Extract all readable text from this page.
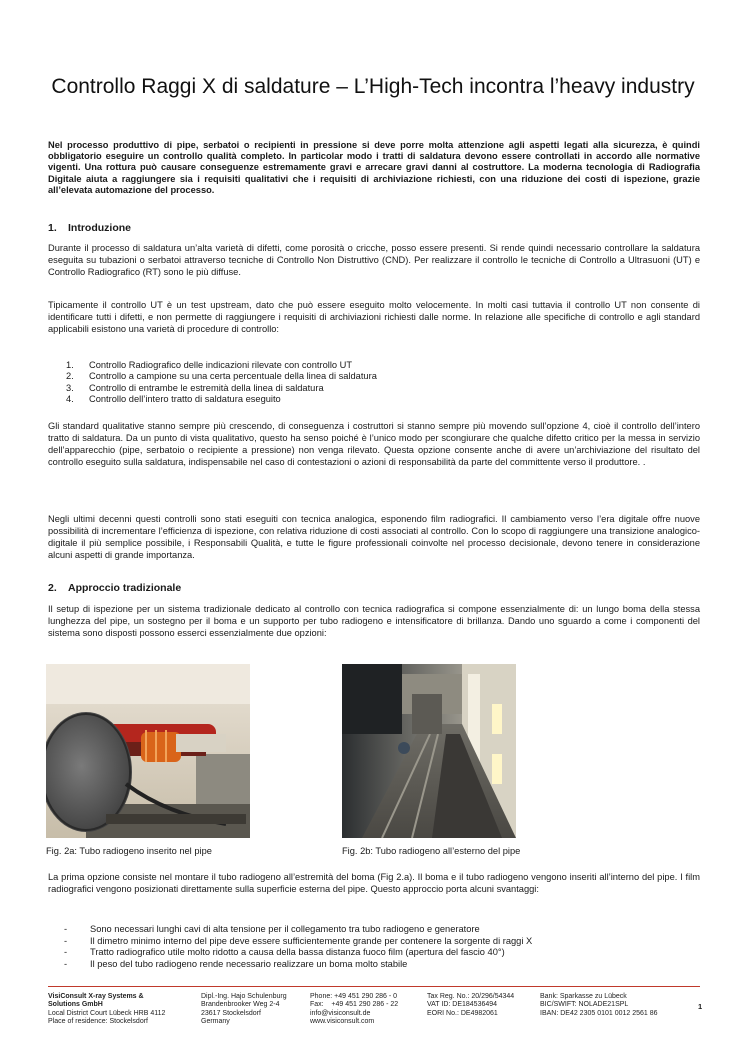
Controllo Raggi X di saldature – L’High-Tech incontra l’heavy industry
Nel processo produttivo di pipe, serbatoi o recipienti in pressione si deve porre molta attenzione agli aspetti legati alla sicurezza, è quindi obbligatorio eseguire un controllo qualità completo. In particolar modo i tratti di saldatura devono essere controllati in accordo alle normative vigenti. Una rottura può causare conseguenze estremamente gravi e arrecare gravi danni al costruttore. La moderna tecnologia di Radiografia Digitale aiuta a raggiungere sia i requisiti qualitativi che i requisiti di archiviazione richiesti, con una riduzione dei costi di ispezione, grazie all’elevata automazione del processo.
1. Introduzione

Durante il processo di saldatura un’alta varietà di difetti, come porosità o cricche, posso essere presenti. Si rende quindi necessario controllare la saldatura eseguita su tubazioni o serbatoi attraverso tecniche di Controllo Non Distruttivo (CND). Per realizzare il controllo le tecniche di Controllo a Ultrasuoni (UT) e Controllo Radiografico (RT) sono le più diffuse.

Tipicamente il controllo UT è un test upstream, dato che può essere eseguito molto velocemente. In molti casi tuttavia il controllo UT non consente di identificare tutti i difetti, e non permette di raggiungere i requisiti di archiviazioni richiesti dalle norme. In relazione alle specifiche di controllo e agli standard applicabili esistono una varietà di procedure di controllo:

1.	Controllo Radiografico delle indicazioni rilevate con controllo UT
2.	Controllo a campione su una certa percentuale della linea di saldatura
3.	Controllo di entrambe le estremità della linea di saldatura
4.	Controllo dell’intero tratto di saldatura eseguito

Gli standard qualitative stanno sempre più crescendo, di conseguenza i costruttori si stanno sempre più movendo sull’opzione 4, cioè il controllo dell’intero tratto di saldatura. Da un punto di vista qualitativo, questo ha senso poiché è l’unico modo per scongiurare che qualche difetto critico per la messa in servizio dell’apparecchio (pipe, serbatoio o recipiente a pressione) non venga rilevato. Questa opzione consente anche di avere un’archiviazione del risultato del controllo eseguito sulla saldatura, indispensabile nel caso di contestazioni o azioni di responsabilità da parte del committente verso il produttore. .

Negli ultimi decenni questi controlli sono stati eseguiti con tecnica analogica, esponendo film radiografici. Il cambiamento verso l’era digitale offre nuove possibilità di incrementare l’efficienza di ispezione, con relativa riduzione di costi associati al controllo. Con lo scopo di raggiungere una transizione analogico-digitale il più semplice possibile, i Responsabili Qualità, e tutte le figure professionali coinvolte nel processo decisionale, devono tenere in considerazione alcuni aspetti di grande importanza.

2. Approccio tradizionale

Il setup di ispezione per un sistema tradizionale dedicato al controllo con tecnica radiografica si compone essenzialmente di: un lungo boma della stessa lunghezza del pipe, un sostegno per il boma e un supporto per tubo radiogeno e intensificatore di brillanza. Dando uno sguardo a come i componenti del sistema sono disposti possono esserci essenzialmente due opzioni:

Fig. 2a: Tubo radiogeno inserito nel pipe	Fig. 2b: Tubo radiogeno all’esterno del pipe

La prima opzione consiste nel montare il tubo radiogeno all’estremità del boma (Fig 2.a). Il boma e il tubo radiogeno vengono inseriti all’interno del pipe. I film radiografici vengono posizionati direttamente sulla superficie esterna del pipe. Questo approccio porta alcuni svantaggi:

-	Sono necessari lunghi cavi di alta tensione per il collegamento tra tubo radiogeno e generatore
-	Il dimetro minimo interno del pipe deve essere sufficientemente grande per contenere la sorgente di raggi X
-	Tratto radiografico utile molto ridotto a causa della bassa distanza fuoco film (apertura del fascio 40°)
-	Il peso del tubo radiogeno rende necessario realizzare un boma molto stabile
VisiConsult X-ray Systems &
Solutions GmbH
Local District Court Lübeck HRB 4112
Place of residence: Stockelsdorf
Dipl.-Ing. Hajo Schulenburg
Brandenbrooker Weg 2-4
23617 Stockelsdorf
Germany
Phone: +49 451 290 286 - 0
Fax:    +49 451 290 286 - 22
info@visiconsult.de
www.visiconsult.com
Tax Reg. No.: 20/296/54344
VAT ID: DE184536494
EORI No.: DE4982061
Bank: Sparkasse zu Lübeck
BIC/SWIFT: NOLADE21SPL
IBAN: DE42 2305 0101 0012 2561 86
1
